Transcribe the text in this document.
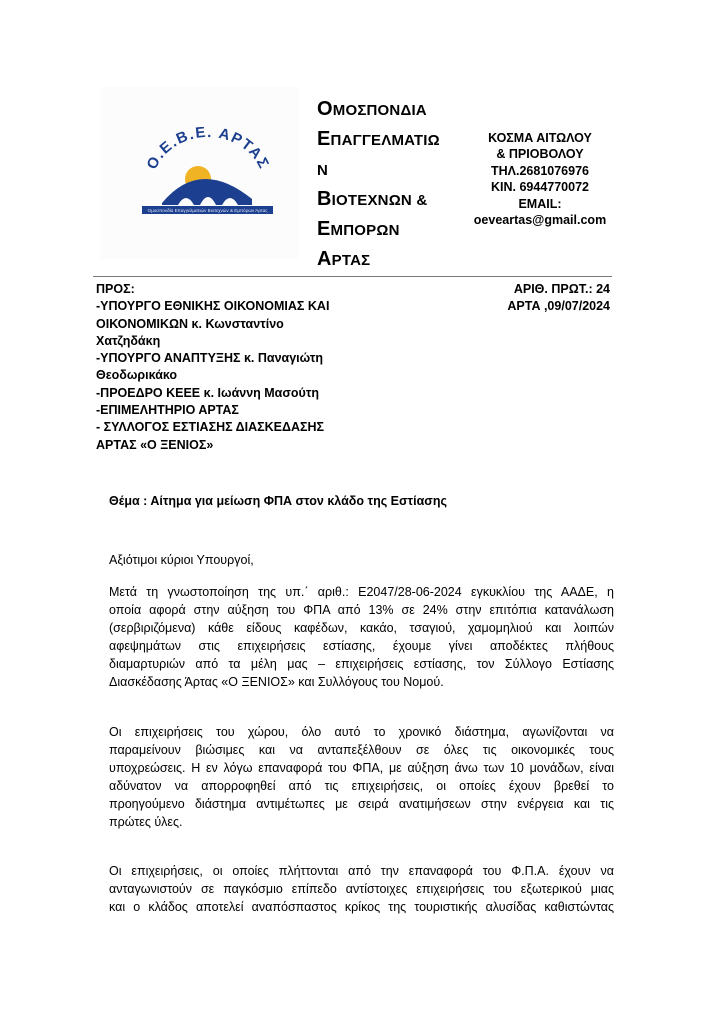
Ο.Ε.Β.Ε. ΑΡΤΑΣ
Ομοσπονδία Επαγγελματιών Βιοτεχνών & Εμπόρων Άρτας
ΟΜΟΣΠΟΝΔΙΑ
ΕΠΑΓΓΕΛΜΑΤΙΩ
Ν
ΒΙΟΤΕΧΝΩΝ &
ΕΜΠΟΡΩΝ
ΑΡΤΑΣ
ΚΟΣΜΑ ΑΙΤΩΛΟΥ
& ΠΡΙΟΒΟΛΟΥ
ΤΗΛ.2681076976
ΚΙΝ. 6944770072
EMAIL:
oeveartas@gmail.com
ΠΡΟΣ:
-ΥΠΟΥΡΓΟ ΕΘΝΙΚΗΣ ΟΙΚΟΝΟΜΙΑΣ ΚΑΙ
ΟΙΚΟΝΟΜΙΚΩΝ κ. Κωνσταντίνο
Χατζηδάκη
-ΥΠΟΥΡΓΟ ΑΝΑΠΤΥΞΗΣ κ. Παναγιώτη
Θεοδωρικάκο
-ΠΡΟΕΔΡΟ ΚΕΕΕ κ. Ιωάννη Μασούτη
-ΕΠΙΜΕΛΗΤΗΡΙΟ ΑΡΤΑΣ
- ΣΥΛΛΟΓΟΣ ΕΣΤΙΑΣΗΣ ΔΙΑΣΚΕΔΑΣΗΣ
ΑΡΤΑΣ «Ο ΞΕΝΙΟΣ»
ΑΡΙΘ. ΠΡΩΤ.: 24
ΑΡΤΑ ,09/07/2024
Θέμα : Αίτημα για μείωση ΦΠΑ στον κλάδο της Εστίασης
Αξιότιμοι κύριοι Υπουργοί,
Μετά τη γνωστοποίηση της υπ.΄ αριθ.: Ε2047/28-06-2024 εγκυκλίου της ΑΑΔΕ, η
οποία αφορά στην αύξηση του ΦΠΑ από 13% σε 24% στην επιτόπια κατανάλωση
(σερβιριζόμενα) κάθε είδους καφέδων, κακάο, τσαγιού, χαμομηλιού και λοιπών
αφεψημάτων στις επιχειρήσεις εστίασης, έχουμε γίνει αποδέκτες πλήθους
διαμαρτυριών από τα μέλη μας – επιχειρήσεις εστίασης, τον Σύλλογο Εστίασης
Διασκέδασης Άρτας «Ο ΞΕΝΙΟΣ» και Συλλόγους του Νομού.
Οι επιχειρήσεις του χώρου, όλο αυτό το χρονικό διάστημα, αγωνίζονται να
παραμείνουν βιώσιμες και να ανταπεξέλθουν σε όλες τις οικονομικές τους
υποχρεώσεις. Η εν λόγω επαναφορά του ΦΠΑ, με αύξηση άνω των 10 μονάδων, είναι
αδύνατον να απορροφηθεί από τις επιχειρήσεις, οι οποίες έχουν βρεθεί το
προηγούμενο διάστημα αντιμέτωπες με σειρά ανατιμήσεων στην ενέργεια και τις
πρώτες ύλες.
Οι επιχειρήσεις, οι οποίες πλήττονται από την επαναφορά του Φ.Π.Α. έχουν να
ανταγωνιστούν σε παγκόσμιο επίπεδο αντίστοιχες επιχειρήσεις του εξωτερικού μιας
και ο κλάδος αποτελεί αναπόσπαστος κρίκος της τουριστικής αλυσίδας καθιστώντας
